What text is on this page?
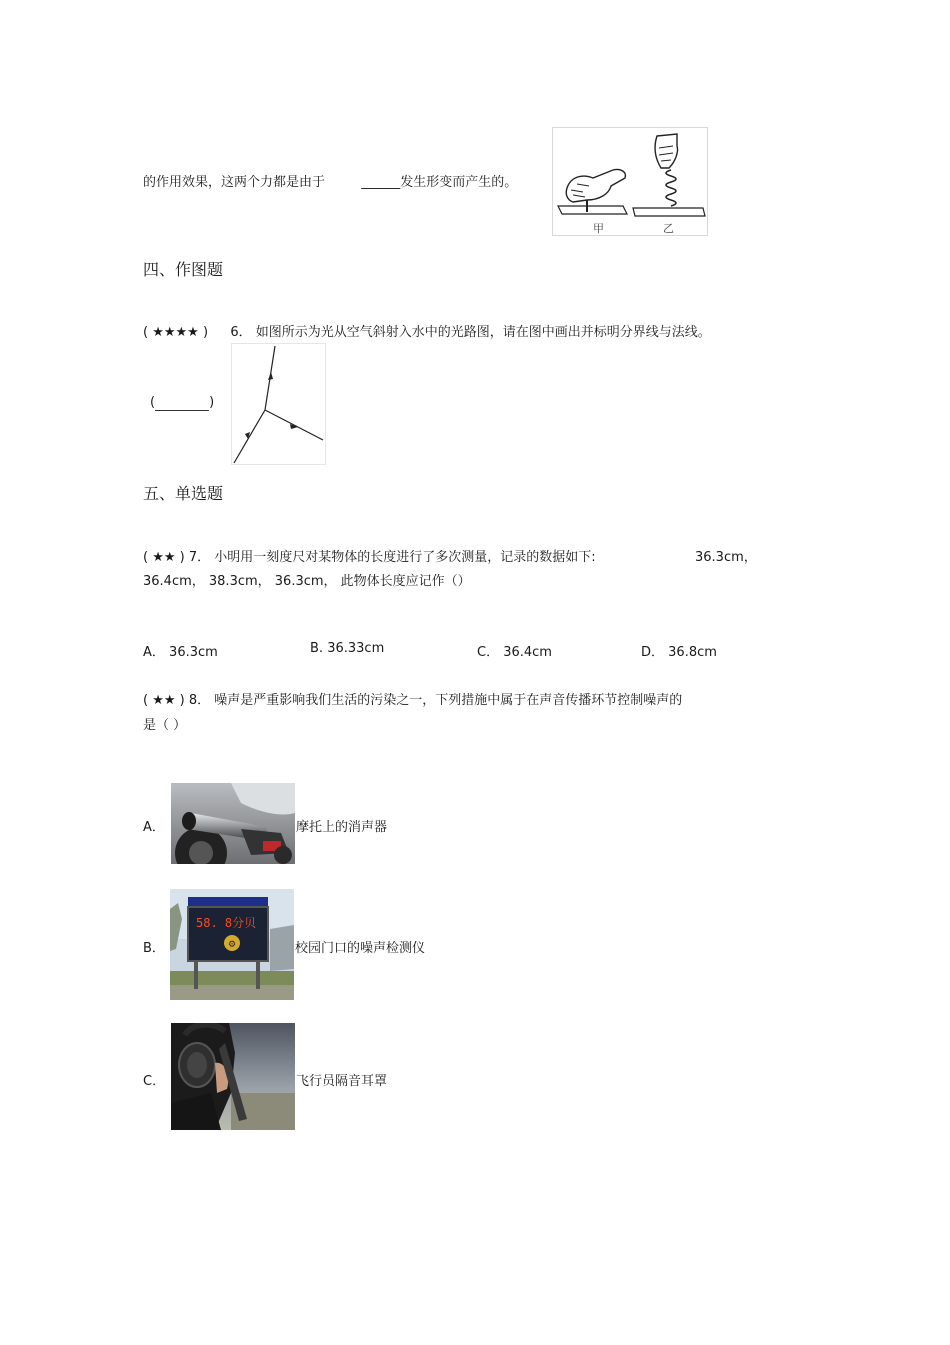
的作用效果，这两个力都是由于	______发生形变而产生的。
甲	乙
四、作图题
( ★★★★ ) 6． 如图所示为光从空气斜射入水中的光路图，请在图中画出并标明分界线与法线。
(	)
五、单选题
( ★★ ) 7． 小明用一刻度尺对某物体的长度进行了多次测量，记录的数据如下:	36.3cm，
36.4cm， 38.3cm， 36.3cm， 此物体长度应记作（）
A． 36.3cm	B. 36.33cm	C． 36.4cm	D． 36.8cm
( ★★ ) 8． 噪声是严重影响我们生活的污染之一，下列措施中属于在声音传播环节控制噪声的
是（ ）
A．	摩托上的消声器
B．
58. 8分贝
⚙	校园门口的噪声检测仪
C．	飞行员隔音耳罩
